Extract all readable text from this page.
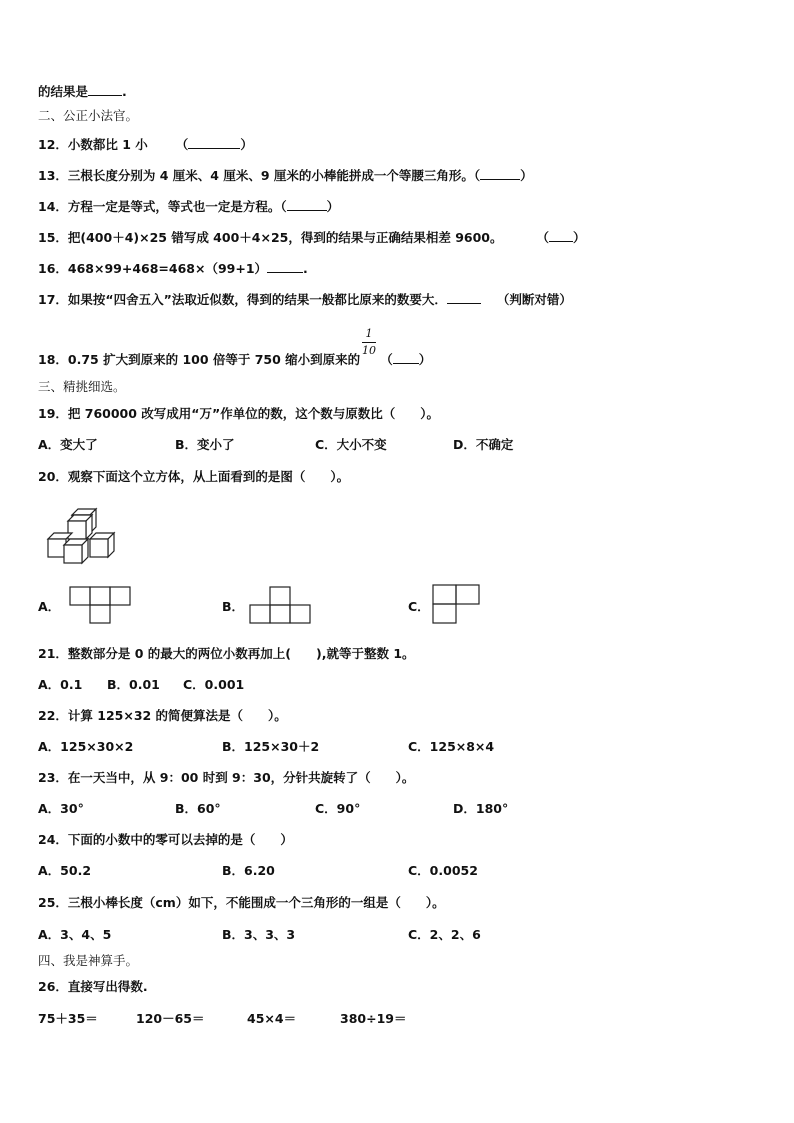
的结果是	.
二、公正小法官。
12．小数都比 1 小 （	）
13．三根长度分别为 4 厘米、4 厘米、9 厘米的小棒能拼成一个等腰三角形。（	）
14．方程一定是等式，等式也一定是方程。（	）
15．把(400＋4)×25 错写成 400＋4×25，得到的结果与正确结果相差 9600。	（ ）
16．468×99+468=468×（99+1）	.
17．如果按“四舍五入”法取近似数，得到的结果一般都比原来的数要大．	（判断对错）
1
10
18．0.75 扩大到原来的 100 倍等于 750 缩小到原来的 （ ）
三、精挑细选。
19．把 760000 改写成用“万”作单位的数，这个数与原数比（　　）。
A．变大了	B．变小了	C．大小不变	D．不确定
20．观察下面这个立方体，从上面看到的是图（　　）。
A．	B．	C．
21．整数部分是 0 的最大的两位小数再加上(　　),就等于整数 1。
A．0.1 B．0.01 C．0.001
22．计算 125×32 的简便算法是（　　）。
A．125×30×2	B．125×30＋2	C．125×8×4
23．在一天当中，从 9：00 时到 9：30，分针共旋转了（　　）。
A．30°	B．60°	C．90°	D．180°
24．下面的小数中的零可以去掉的是（　　）
A．50.2	B．6.20	C．0.0052
25．三根小棒长度（cm）如下，不能围成一个三角形的一组是（　　）。
A．3、4、5	B．3、3、3	C．2、2、6
四、我是神算手。
26．直接写出得数.
75＋35＝	120－65＝	45×4＝	380÷19＝
